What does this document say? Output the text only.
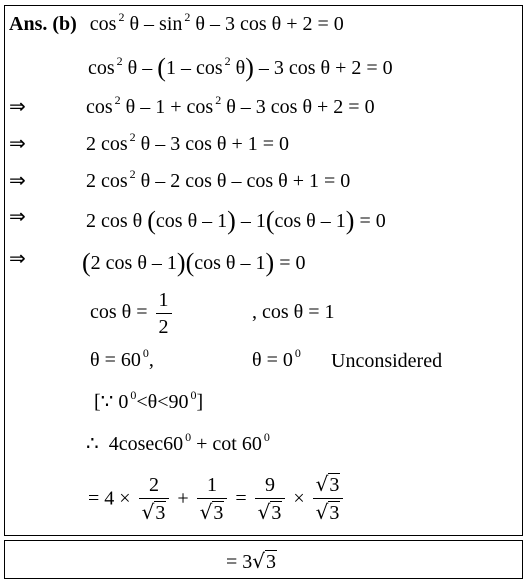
Ans. (b) cos $^2$ θ – sin $^2$ θ – 3 cos θ + 2 = 0
cos $^2$ θ – (1 – cos $^2$ θ) – 3 cos θ + 2 = 0
⇒	cos $^2$ θ – 1 + cos $^2$ θ – 3 cos θ + 2 = 0
⇒	2 cos $^2$ θ – 3 cos θ + 1 = 0
⇒	2 cos $^2$ θ – 2 cos θ – cos θ + 1 = 0
⇒	2 cos θ (cos θ – 1) – 1(cos θ – 1) = 0
⇒ (2 cos θ – 1)(cos θ – 1) = 0
$\cos \theta = \frac{1}{2}$	, cos θ = 1
θ = 60 $^0$,	θ = 0 $^0$ Unconsidered
[∵ 0 $^0$<θ<90 $^0$]
∴  4cosec60 $^0$ + cot 60 $^0$
= $4 \times \frac{2}{√3} + \frac{1}{√3} = \frac{9}{√3} \times \frac{√3}{√3}$
= 3√3
